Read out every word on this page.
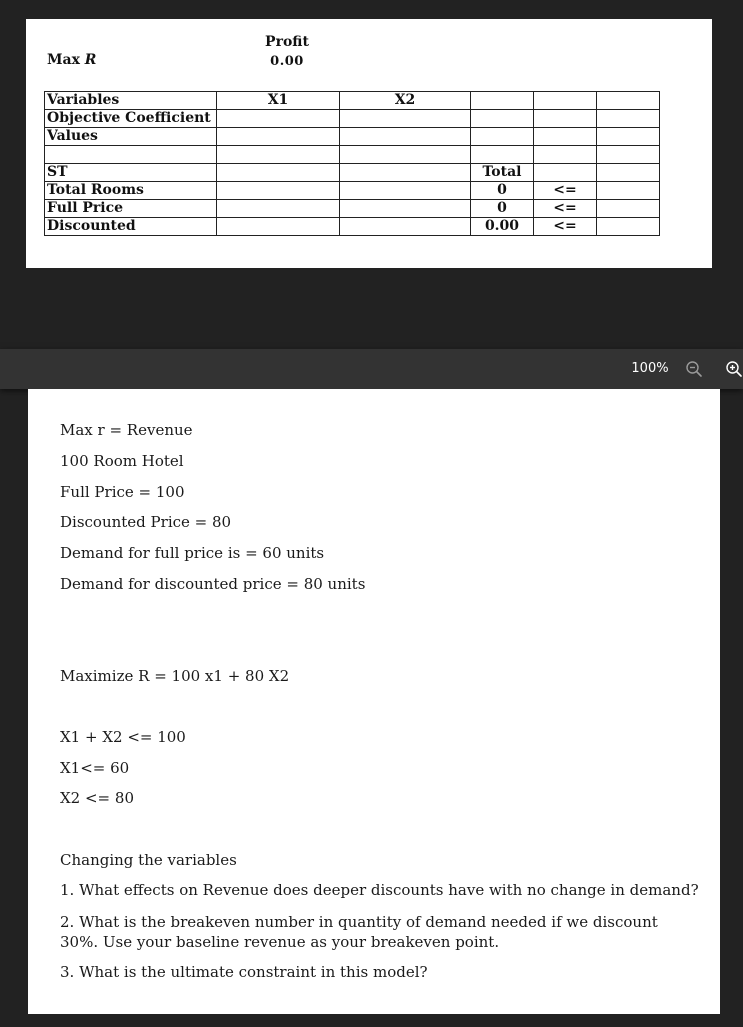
Profit
0.00
Max R
Variables	X1	X2			
Objective Coefficient					
Values					

ST			Total		
Total Rooms			0	<=	
Full Price			0	<=	
Discounted			0.00	<=	
100%
Max r = Revenue
100 Room Hotel
Full Price = 100
Discounted Price = 80
Demand for full price is = 60 units
Demand for discounted price = 80 units
Maximize R = 100 x1 + 80 X2
X1 + X2 <= 100
X1<= 60
X2 <= 80
Changing the variables
1. What effects on Revenue does deeper discounts have with no change in demand?
2. What is the breakeven number in quantity of demand needed if we discount 30%. Use your baseline revenue as your breakeven point.
3. What is the ultimate constraint in this model?
